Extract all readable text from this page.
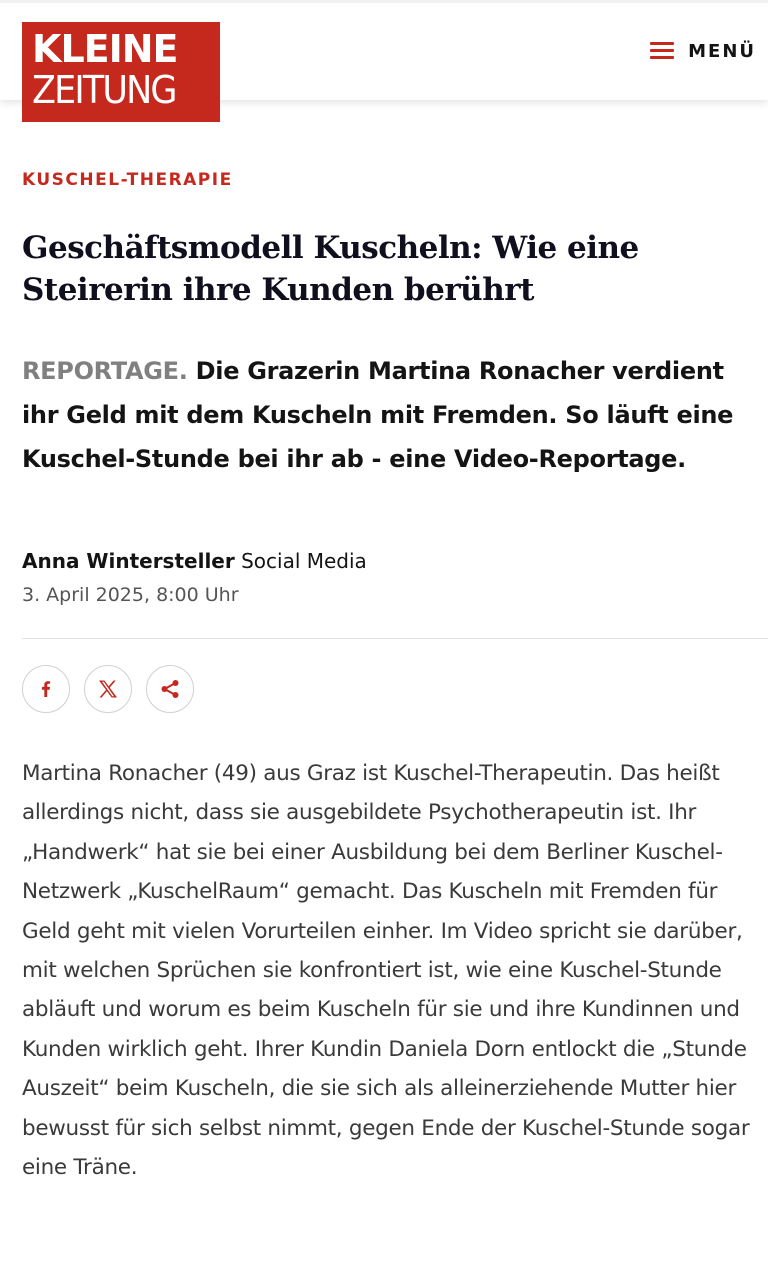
MENÜ
KLEINE
ZEITUNG
KUSCHEL-THERAPIE
Geschäftsmodell Kuscheln: Wie eine Steirerin ihre Kunden berührt

REPORTAGE. Die Grazerin Martina Ronacher verdient ihr Geld mit dem Kuscheln mit Fremden. So läuft eine Kuschel-Stunde bei ihr ab - eine Video-Reportage.

Anna Wintersteller Social Media
3. April 2025, 8:00 Uhr

Martina Ronacher (49) aus Graz ist Kuschel-Therapeutin. Das heißt allerdings nicht, dass sie ausgebildete Psychotherapeutin ist. Ihr „Handwerk“ hat sie bei einer Ausbildung bei dem Berliner Kuschel-Netzwerk „KuschelRaum“ gemacht. Das Kuscheln mit Fremden für Geld geht mit vielen Vorurteilen einher. Im Video spricht sie darüber, mit welchen Sprüchen sie konfrontiert ist, wie eine Kuschel-Stunde abläuft und worum es beim Kuscheln für sie und ihre Kundinnen und Kunden wirklich geht. Ihrer Kundin Daniela Dorn entlockt die „Stunde Auszeit“ beim Kuscheln, die sie sich als alleinerziehende Mutter hier bewusst für sich selbst nimmt, gegen Ende der Kuschel-Stunde sogar eine Träne.
